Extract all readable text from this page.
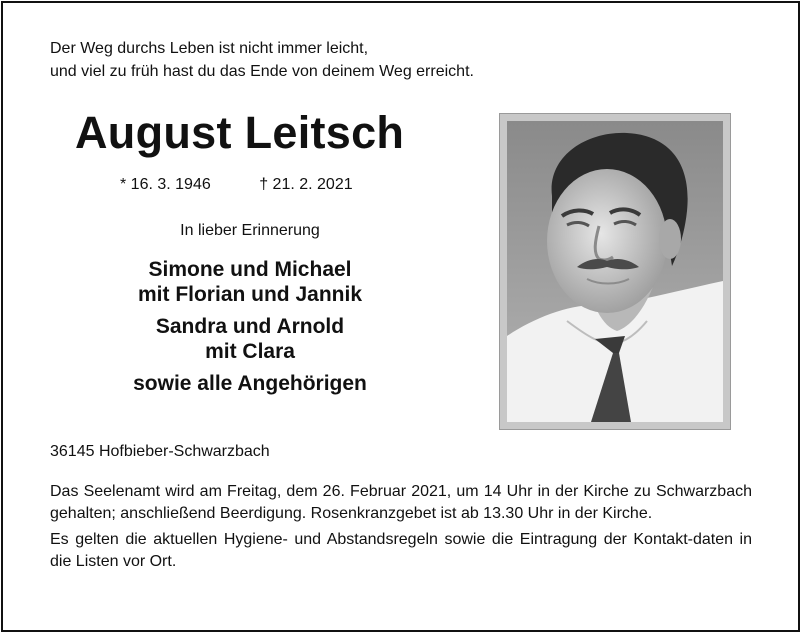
Der Weg durchs Leben ist nicht immer leicht,
und viel zu früh hast du das Ende von deinem Weg erreicht.
August Leitsch
* 16. 3. 1946	† 21. 2. 2021
In lieber Erinnerung
Simone und Michael
mit Florian und Jannik
Sandra und Arnold
mit Clara
sowie alle Angehörigen
36145 Hofbieber-Schwarzbach

Das Seelenamt wird am Freitag, dem 26. Februar 2021, um 14 Uhr in der Kirche zu Schwarzbach gehalten; anschließend Beerdigung. Rosenkranzgebet ist ab 13.30 Uhr in der Kirche.

Es gelten die aktuellen Hygiene- und Abstandsregeln sowie die Eintragung der Kontakt-daten in die Listen vor Ort.
